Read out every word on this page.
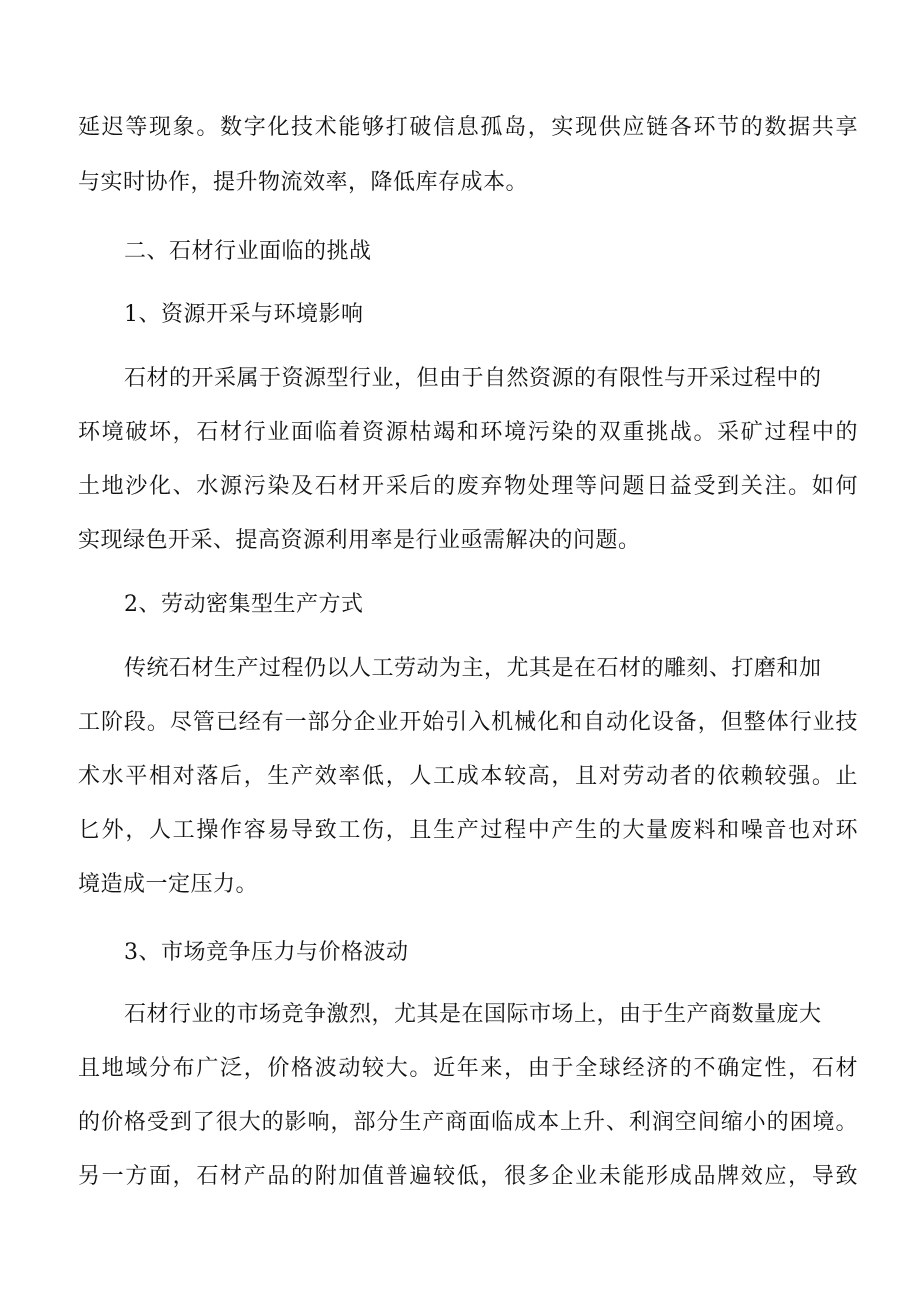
延迟等现象。数字化技术能够打破信息孤岛，实现供应链各环节的数据共享
与实时协作，提升物流效率，降低库存成本。
二、石材行业面临的挑战
1、资源开采与环境影响
石材的开采属于资源型行业，但由于自然资源的有限性与开采过程中的
环境破坏，石材行业面临着资源枯竭和环境污染的双重挑战。采矿过程中的
土地沙化、水源污染及石材开采后的废弃物处理等问题日益受到关注。如何
实现绿色开采、提高资源利用率是行业亟需解决的问题。
2、劳动密集型生产方式
传统石材生产过程仍以人工劳动为主，尤其是在石材的雕刻、打磨和加
工阶段。尽管已经有一部分企业开始引入机械化和自动化设备，但整体行业技
术水平相对落后，生产效率低，人工成本较高，且对劳动者的依赖较强。止
匕外，人工操作容易导致工伤，且生产过程中产生的大量废料和噪音也对环
境造成一定压力。
3、市场竞争压力与价格波动
石材行业的市场竞争激烈，尤其是在国际市场上，由于生产商数量庞大
且地域分布广泛，价格波动较大。近年来，由于全球经济的不确定性，石材
的价格受到了很大的影响，部分生产商面临成本上升、利润空间缩小的困境。
另一方面，石材产品的附加值普遍较低，很多企业未能形成品牌效应，导致
